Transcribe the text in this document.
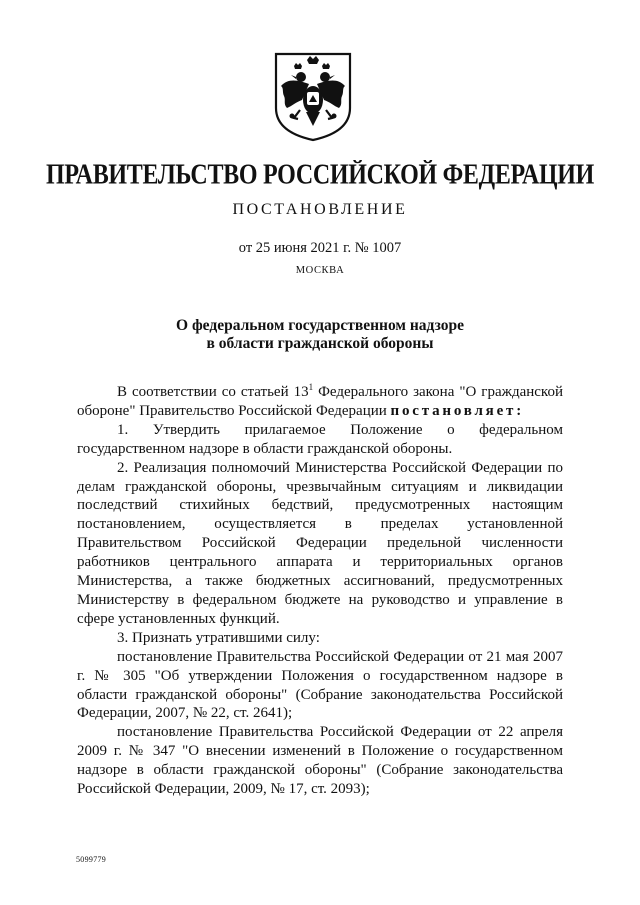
ПРАВИТЕЛЬСТВО РОССИЙСКОЙ ФЕДЕРАЦИИ
ПОСТАНОВЛЕНИЕ
от 25 июня 2021 г. № 1007
МОСКВА
О федеральном государственном надзоре
в области гражданской обороны

В соответствии со статьей $13^1$ Федерального закона "О гражданской обороне" Правительство Российской Федерации постановляет:

1. Утвердить прилагаемое Положение о федеральном государственном надзоре в области гражданской обороны.

2. Реализация полномочий Министерства Российской Федерации по делам гражданской обороны, чрезвычайным ситуациям и ликвидации последствий стихийных бедствий, предусмотренных настоящим постановлением, осуществляется в пределах установленной Правительством Российской Федерации предельной численности работников центрального аппарата и территориальных органов Министерства, а также бюджетных ассигнований, предусмотренных Министерству в федеральном бюджете на руководство и управление в сфере установленных функций.

3. Признать утратившими силу:

постановление Правительства Российской Федерации от 21 мая 2007 г. № 305 "Об утверждении Положения о государственном надзоре в области гражданской обороны" (Собрание законодательства Российской Федерации, 2007, № 22, ст. 2641);

постановление Правительства Российской Федерации от 22 апреля 2009 г. № 347 "О внесении изменений в Положение о государственном надзоре в области гражданской обороны" (Собрание законодательства Российской Федерации, 2009, № 17, ст. 2093);

5099779
